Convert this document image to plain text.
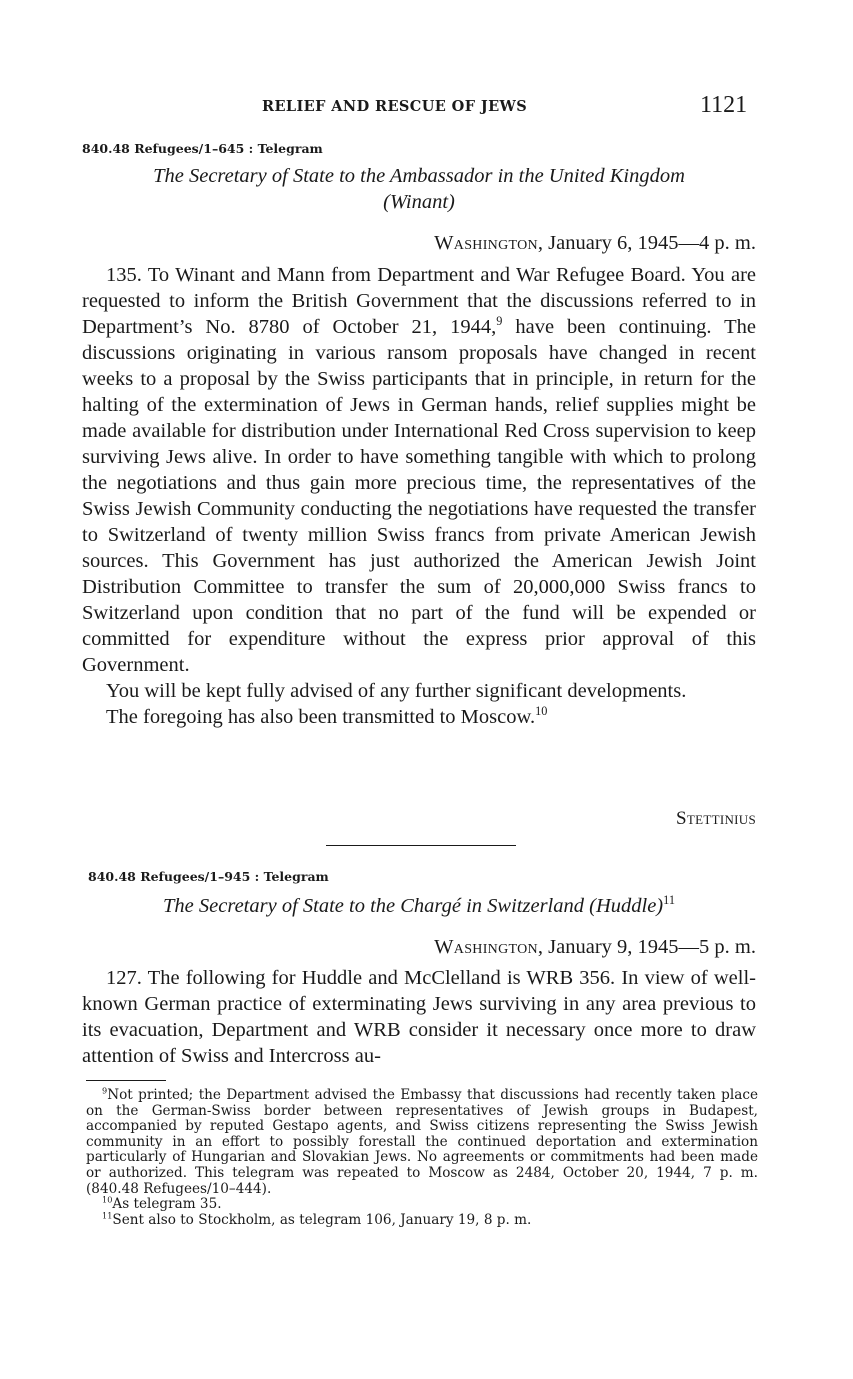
RELIEF AND RESCUE OF JEWS	1121
840.48 Refugees/1–645 : Telegram
The Secretary of State to the Ambassador in the United Kingdom
(Winant)
Washington, January 6, 1945—4 p. m.

135. To Winant and Mann from Department and War Refugee Board. You are requested to inform the British Government that the discussions referred to in Department’s No. 8780 of October 21, 1944,$^9$ have been continuing. The discussions originating in various ransom proposals have changed in recent weeks to a proposal by the Swiss participants that in principle, in return for the halting of the extermination of Jews in German hands, relief supplies might be made available for distribution under International Red Cross supervision to keep surviving Jews alive. In order to have something tangible with which to prolong the negotiations and thus gain more precious time, the representatives of the Swiss Jewish Community conducting the negotiations have requested the transfer to Switzerland of twenty million Swiss francs from private American Jewish sources. This Government has just authorized the American Jewish Joint Distribution Committee to transfer the sum of 20,000,000 Swiss francs to Switzerland upon condition that no part of the fund will be expended or committed for expenditure without the express prior approval of this Government.

You will be kept fully advised of any further significant developments.

The foregoing has also been transmitted to Moscow.$^{10}$

Stettinius
840.48 Refugees/1–945 : Telegram
The Secretary of State to the Chargé in Switzerland (Huddle)$^{11}$
Washington, January 9, 1945—5 p. m.

127. The following for Huddle and McClelland is WRB 356. In view of well-known German practice of exterminating Jews surviving in any area previous to its evacuation, Department and WRB consider it necessary once more to draw attention of Swiss and Intercross au-

$^9$Not printed; the Department advised the Embassy that discussions had recently taken place on the German-Swiss border between representatives of Jewish groups in Budapest, accompanied by reputed Gestapo agents, and Swiss citizens representing the Swiss Jewish community in an effort to possibly forestall the continued deportation and extermination particularly of Hungarian and Slovakian Jews. No agreements or commitments had been made or authorized. This telegram was repeated to Moscow as 2484, October 20, 1944, 7 p. m. (840.48 Refugees/10–444).

$^{10}$As telegram 35.

$^{11}$Sent also to Stockholm, as telegram 106, January 19, 8 p. m.
